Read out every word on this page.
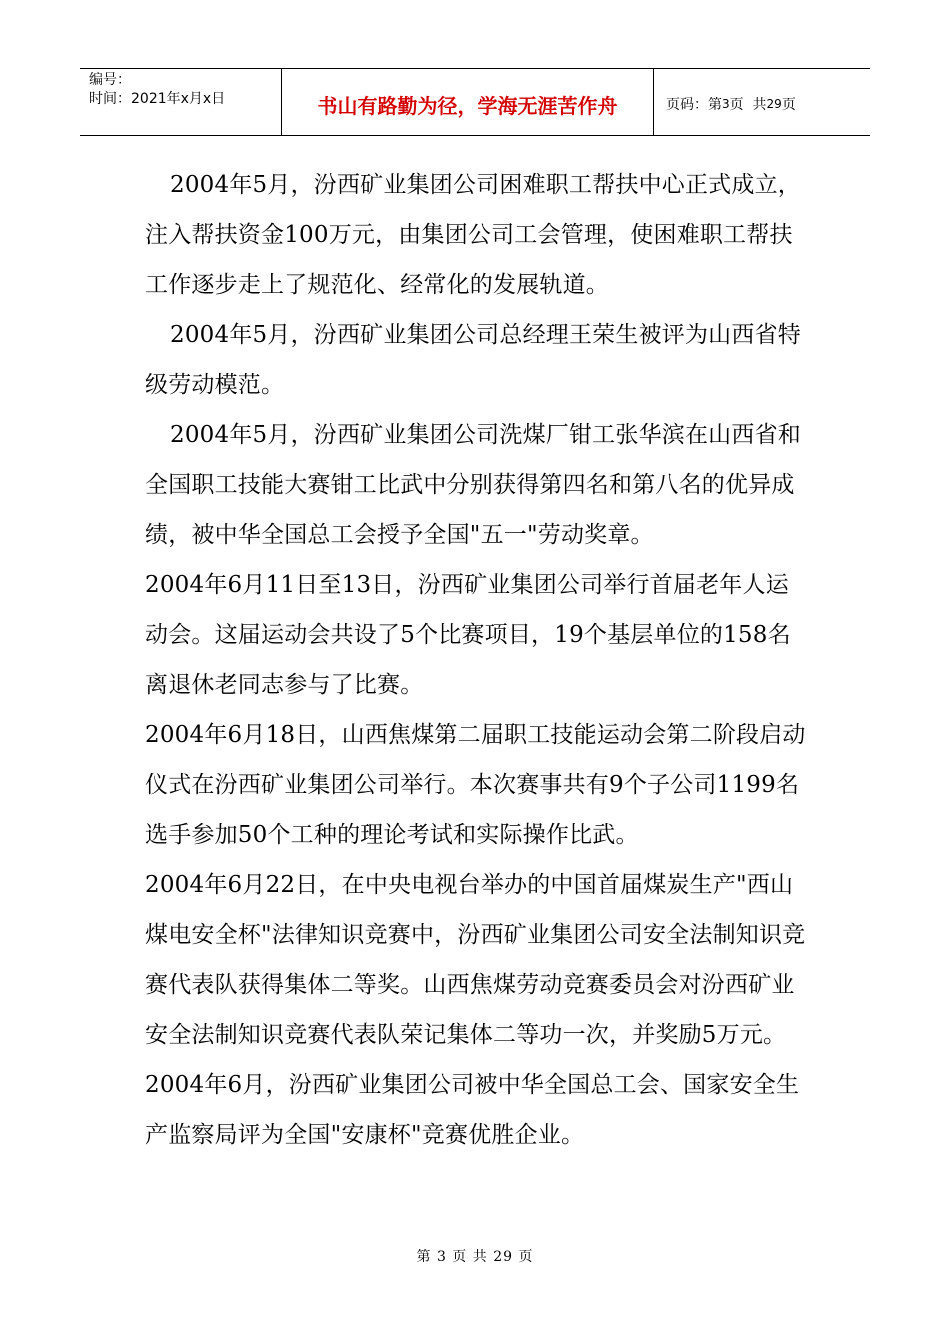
编号：
时间：2021年x月x日	书山有路勤为径，学海无涯苦作舟	页码：第 3 页  共 29 页

2004年5月，汾西矿业集团公司困难职工帮扶中心正式成立，注入帮扶资金100万元，由集团公司工会管理，使困难职工帮扶工作逐步走上了规范化、经常化的发展轨道。

2004年5月，汾西矿业集团公司总经理王荣生被评为山西省特级劳动模范。

2004年5月，汾西矿业集团公司洗煤厂钳工张华滨在山西省和全国职工技能大赛钳工比武中分别获得第四名和第八名的优异成绩，被中华全国总工会授予全国"五一"劳动奖章。

2004年6月11日至13日，汾西矿业集团公司举行首届老年人运动会。这届运动会共设了5个比赛项目，19个基层单位的158名离退休老同志参与了比赛。

2004年6月18日，山西焦煤第二届职工技能运动会第二阶段启动仪式在汾西矿业集团公司举行。本次赛事共有9个子公司1199名选手参加50个工种的理论考试和实际操作比武。

2004年6月22日，在中央电视台举办的中国首届煤炭生产"西山煤电安全杯"法律知识竞赛中，汾西矿业集团公司安全法制知识竞赛代表队获得集体二等奖。山西焦煤劳动竞赛委员会对汾西矿业安全法制知识竞赛代表队荣记集体二等功一次，并奖励5万元。

2004年6月，汾西矿业集团公司被中华全国总工会、国家安全生产监察局评为全国"安康杯"竞赛优胜企业。

第 3 页 共 29 页
